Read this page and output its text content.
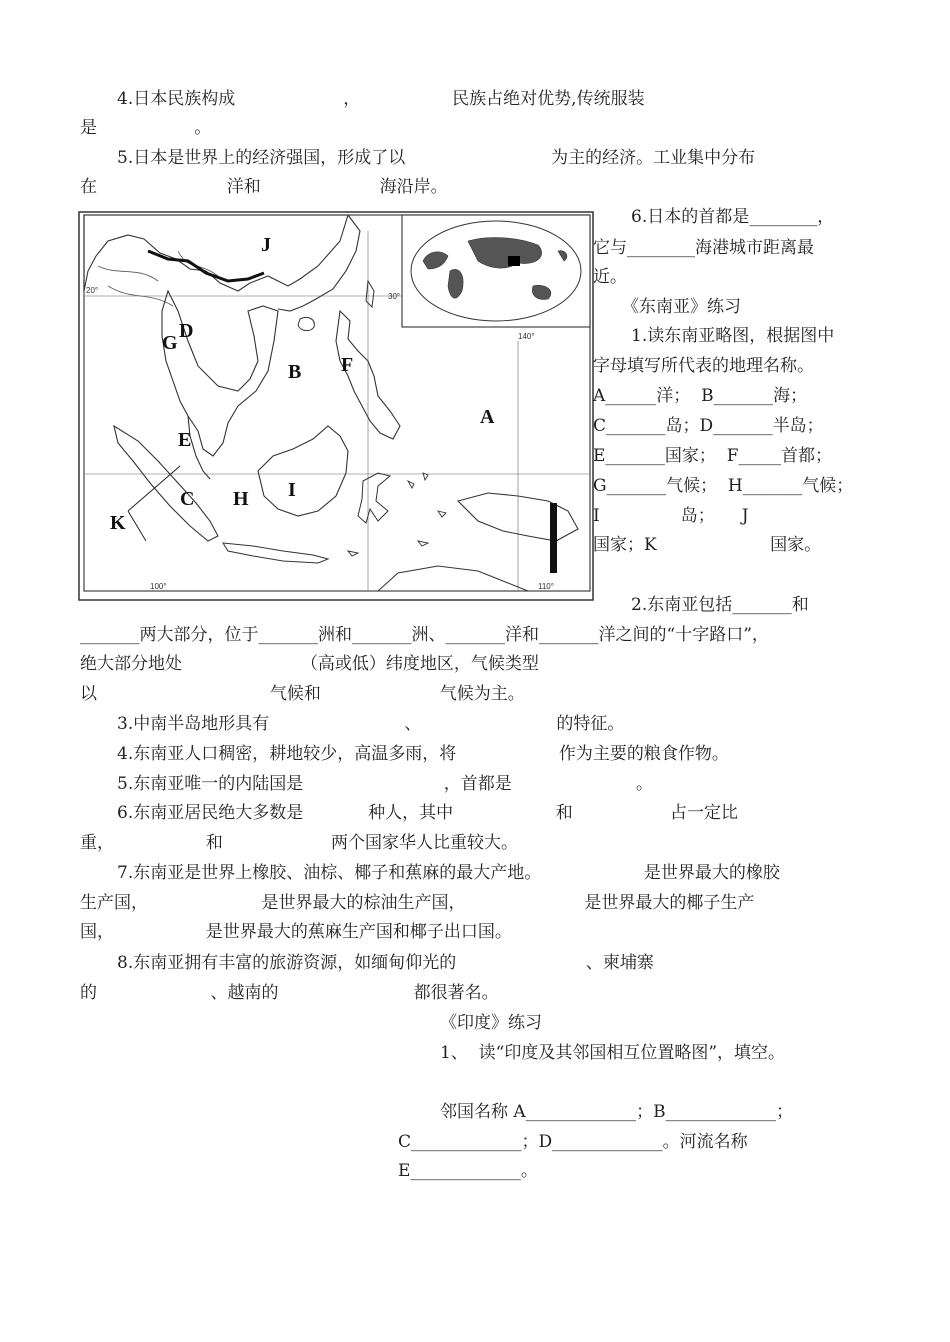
4.日本民族构成                    ，                 民族占绝对优势,传统服装
是                  。
5.日本是世界上的经济强国，形成了以                           为主的经济。工业集中分布
在                        洋和                      海沿岸。
6.日本的首都是________，
它与________海港城市距离最
近。
J
D
G
F
B
A
E
C H I
K
30°
20°
140°
100°	110°
《东南亚》练习
1.读东南亚略图，根据图中
字母填写所代表的地理名称。
A______洋；  B_______海；
C_______岛；D_______半岛；
E_______国家；  F_____首都；
G_______气候；  H_______气候；
I               岛；     J
国家；K                     国家。
2.东南亚包括_______和
_______两大部分，位于_______洲和_______洲、_______洋和_______洋之间的“十字路口”，
绝大部分地处                      （高或低）纬度地区，气候类型
以                                气候和                      气候为主。
3.中南半岛地形具有                         、                         的特征。
4.东南亚人口稠密，耕地较少，高温多雨，将                   作为主要的粮食作物。
5.东南亚唯一的内陆国是                          ，首都是                       。
6.东南亚居民绝大多数是            种人，其中                   和                  占一定比
重，                 和                    两个国家华人比重较大。
7.东南亚是世界上橡胶、油棕、椰子和蕉麻的最大产地。                   是世界最大的橡胶
生产国，                     是世界最大的棕油生产国，                      是世界最大的椰子生产
国，                 是世界最大的蕉麻生产国和椰子出口国。
8.东南亚拥有丰富的旅游资源，如缅甸仰光的                        、柬埔寨
的                     、越南的                         都很著名。
《印度》练习
1、  读“印度及其邻国相互位置略图”，填空。
邻国名称 A_____________；B_____________；
C_____________；D_____________。河流名称
E_____________。
